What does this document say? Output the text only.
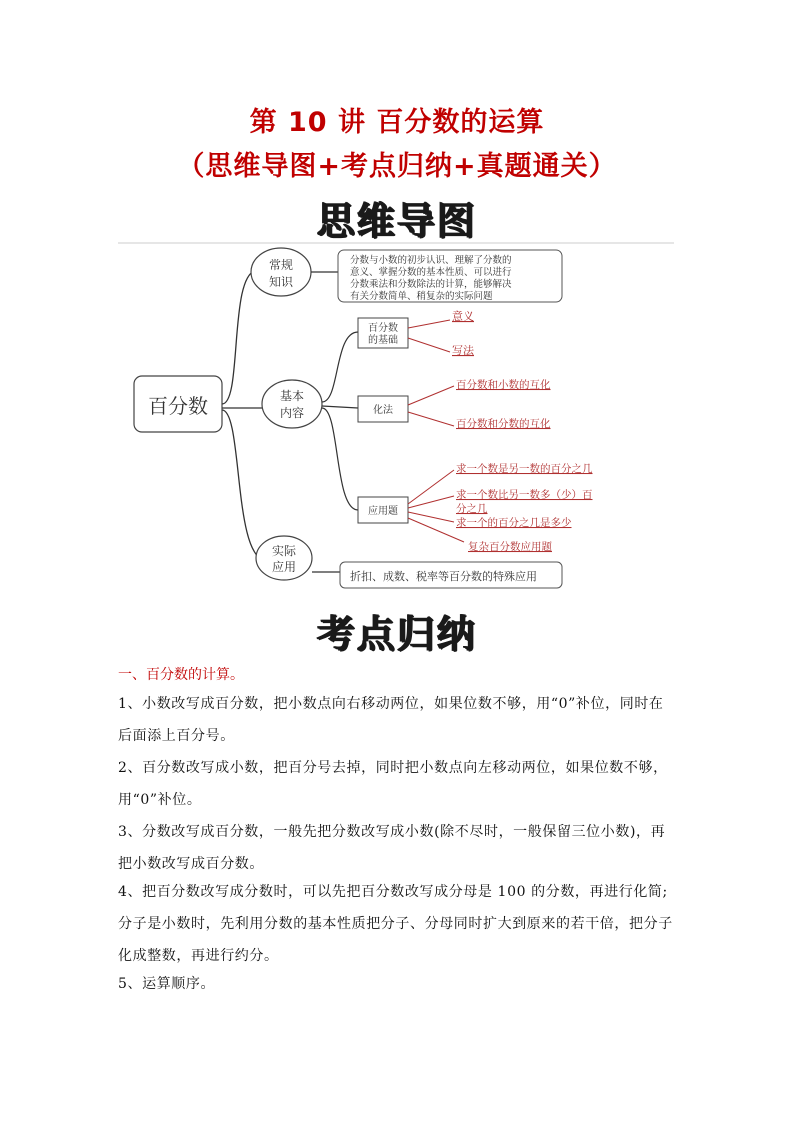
第 10 讲 百分数的运算
（思维导图+考点归纳+真题通关）
思维导图
百分数
常规
知识
分数与小数的初步认识、理解了分数的
意义、掌握分数的基本性质、可以进行
分数乘法和分数除法的计算，能够解决
有关分数简单、稍复杂的实际问题
基本
内容
百分数
的基础
意义
写法
化法
百分数和小数的互化
百分数和分数的互化
应用题
求一个数是另一数的百分之几
求一个数比另一数多（少）百
分之几
求一个的百分之几是多少
复杂百分数应用题
实际
应用
折扣、成数、税率等百分数的特殊应用
考点归纳
一、百分数的计算。
1、小数改写成百分数，把小数点向右移动两位，如果位数不够，用“0”补位，同时在后面添上百分号。
2、百分数改写成小数，把百分号去掉，同时把小数点向左移动两位，如果位数不够，用“0”补位。
3、分数改写成百分数，一般先把分数改写成小数(除不尽时，一般保留三位小数)，再把小数改写成百分数。
4、把百分数改写成分数时，可以先把百分数改写成分母是 100 的分数，再进行化简;分子是小数时，先利用分数的基本性质把分子、分母同时扩大到原来的若干倍，把分子化成整数，再进行约分。
5、运算顺序。
